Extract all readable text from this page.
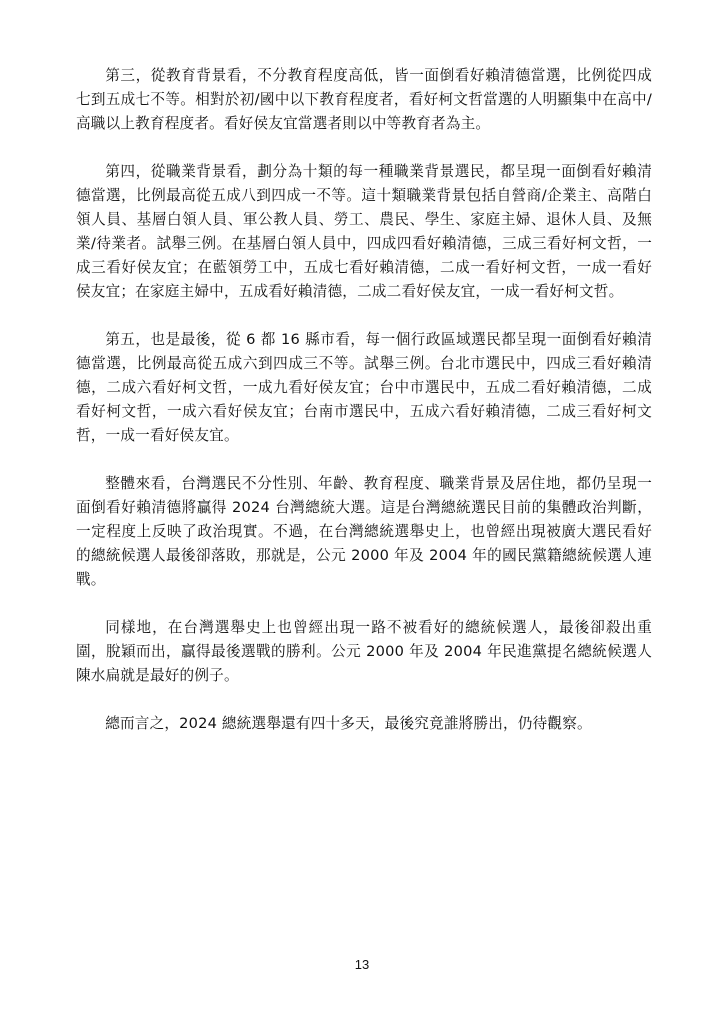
第三，從教育背景看，不分教育程度高低，皆一面倒看好賴清德當選，比例從四成七到五成七不等。相對於初/國中以下教育程度者，看好柯文哲當選的人明顯集中在高中/高職以上教育程度者。看好侯友宜當選者則以中等教育者為主。

第四，從職業背景看，劃分為十類的每一種職業背景選民，都呈現一面倒看好賴清德當選，比例最高從五成八到四成一不等。這十類職業背景包括自營商/企業主、高階白領人員、基層白領人員、軍公教人員、勞工、農民、學生、家庭主婦、退休人員、及無業/待業者。試舉三例。在基層白領人員中，四成四看好賴清德，三成三看好柯文哲，一成三看好侯友宜；在藍領勞工中，五成七看好賴清德，二成一看好柯文哲，一成一看好侯友宜；在家庭主婦中，五成看好賴清德，二成二看好侯友宜，一成一看好柯文哲。

第五，也是最後，從 6 都 16 縣市看，每一個行政區域選民都呈現一面倒看好賴清德當選，比例最高從五成六到四成三不等。試舉三例。台北市選民中，四成三看好賴清德，二成六看好柯文哲，一成九看好侯友宜；台中市選民中，五成二看好賴清德，二成看好柯文哲，一成六看好侯友宜；台南市選民中，五成六看好賴清德，二成三看好柯文哲，一成一看好侯友宜。

整體來看，台灣選民不分性別、年齡、教育程度、職業背景及居住地，都仍呈現一面倒看好賴清德將贏得 2024 台灣總統大選。這是台灣總統選民目前的集體政治判斷，一定程度上反映了政治現實。不過，在台灣總統選舉史上，也曾經出現被廣大選民看好的總統候選人最後卻落敗，那就是，公元 2000 年及 2004 年的國民黨籍總統候選人連戰。

同樣地，在台灣選舉史上也曾經出現一路不被看好的總統候選人，最後卻殺出重圍，脫穎而出，贏得最後選戰的勝利。公元 2000 年及 2004 年民進黨提名總統候選人陳水扁就是最好的例子。

總而言之，2024 總統選舉還有四十多天，最後究竟誰將勝出，仍待觀察。

13
